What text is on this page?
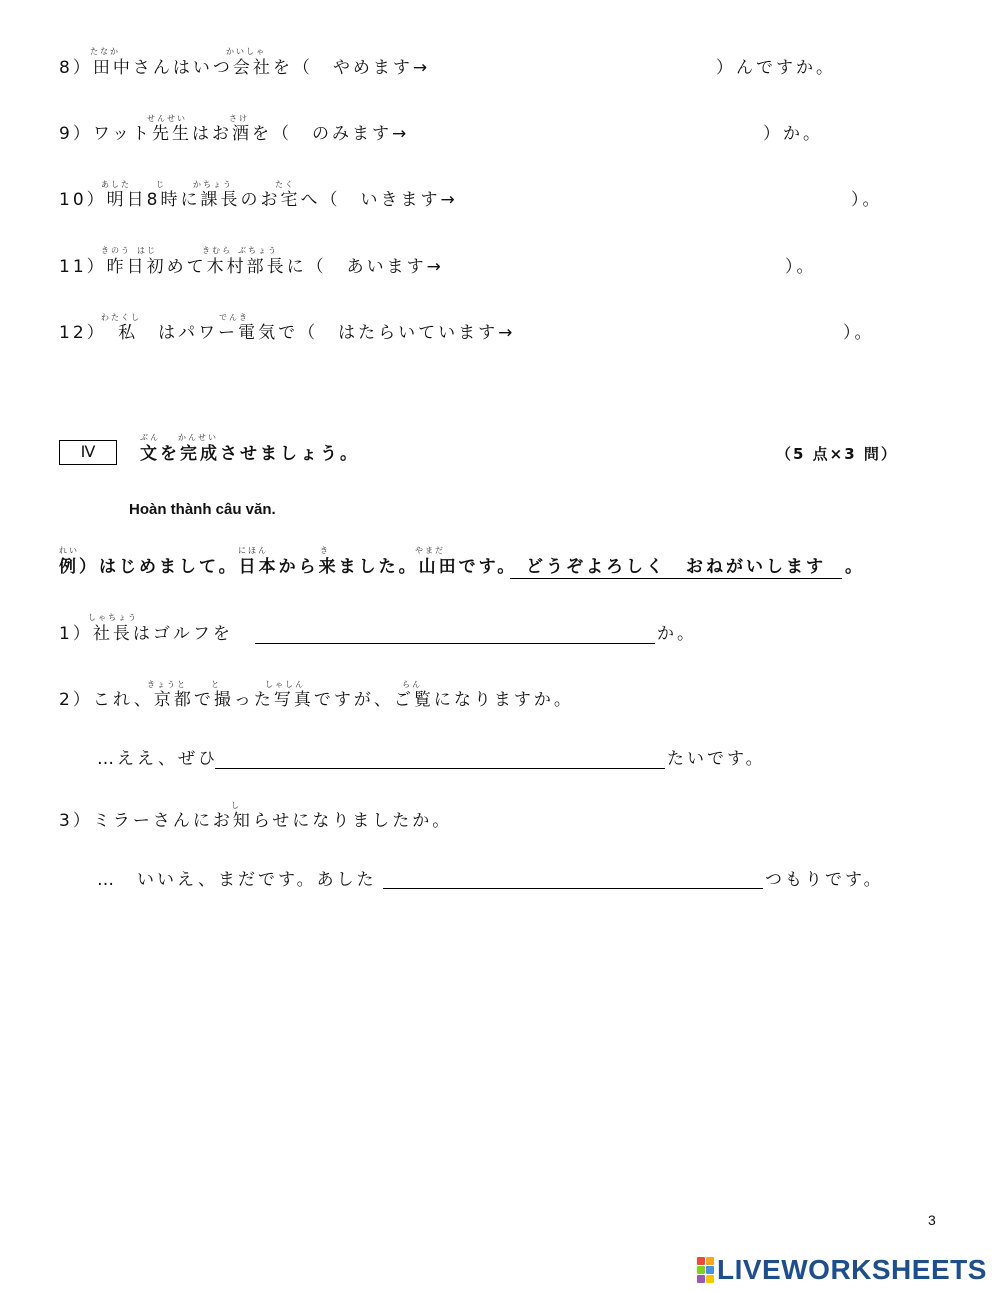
たなか	かいしゃ
8）田中さんはいつ会社を（　やめます→	）んですか。
せんせい	さけ
9）ワット先生はお酒を（　のみます→	）か。
あした	じ	かちょう	たく
10）明日8時に課長のお宅へ（　いきます→	）。
きのう はじ	きむら ぶちょう
11）昨日初めて木村部長に（　あいます→	）。
わたくし	でんき
12）　私　はパワー電気で（　はたらいています→	）。
Ⅳ
ぶん かんせい
文を完成させましょう。	（5 点×3 問）
Hoàn thành câu văn.
れい	にほん	き	やまだ
例）はじめまして。日本から来ました。山田です。 どうぞよろしく　おねがいします	。
しゃちょう
1）社長はゴルフを	か。
きょうと	と	しゃしん	らん
2）これ、京都で撮った写真ですが、ご覧になりますか。
…ええ、ぜひ	たいです。
し
3）ミラーさんにお知らせになりましたか。
…　いいえ、まだです。あした	つもりです。
3
LIVEWORKSHEETS
